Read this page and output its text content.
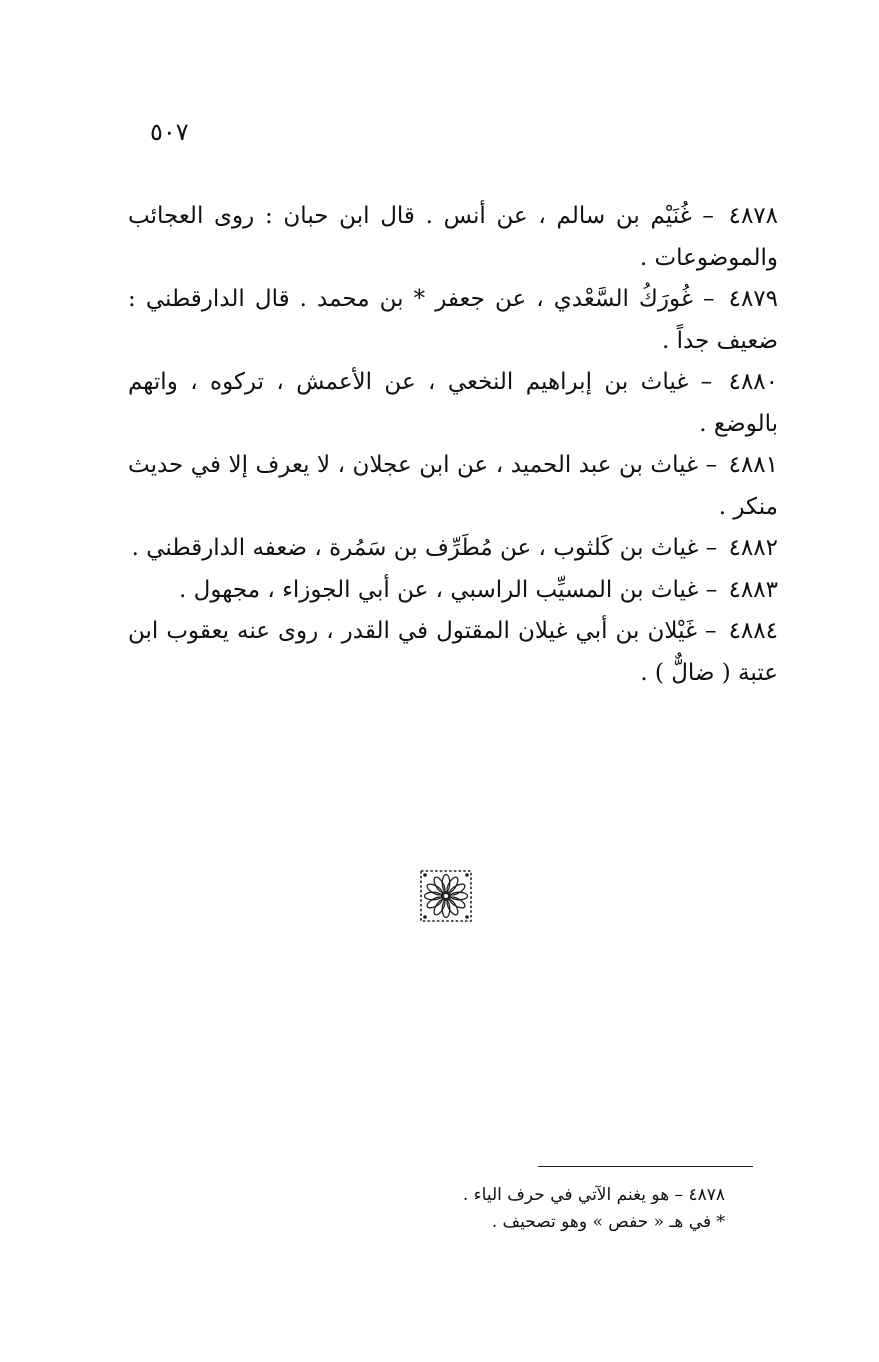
٥٠٧

٤٨٧٨ – غُنَيْم بن سالم ، عن أنس . قال ابن حبان : روى العجائب والموضوعات .

٤٨٧٩ – غُورَكُ السَّعْدي ، عن جعفر * بن محمد . قال الدارقطني : ضعيف جداً .

٤٨٨٠ – غياث بن إبراهيم النخعي ، عن الأعمش ، تركوه ، واتهم بالوضع .

٤٨٨١ – غياث بن عبد الحميد ، عن ابن عجلان ، لا يعرف إلا في حديث منكر .

٤٨٨٢ – غياث بن كَلثوب ، عن مُطَرِّف بن سَمُرة ، ضعفه الدارقطني .

٤٨٨٣ – غياث بن المسيِّب الراسبي ، عن أبي الجوزاء ، مجهول .

٤٨٨٤ – غَيْلان بن أبي غيلان المقتول في القدر ، روى عنه يعقوب ابن عتبة ( ضالٌّ ) .

٤٨٧٨ – هو يغنم الآتي في حرف الياء .

* في هـ « حفص » وهو تصحيف .
